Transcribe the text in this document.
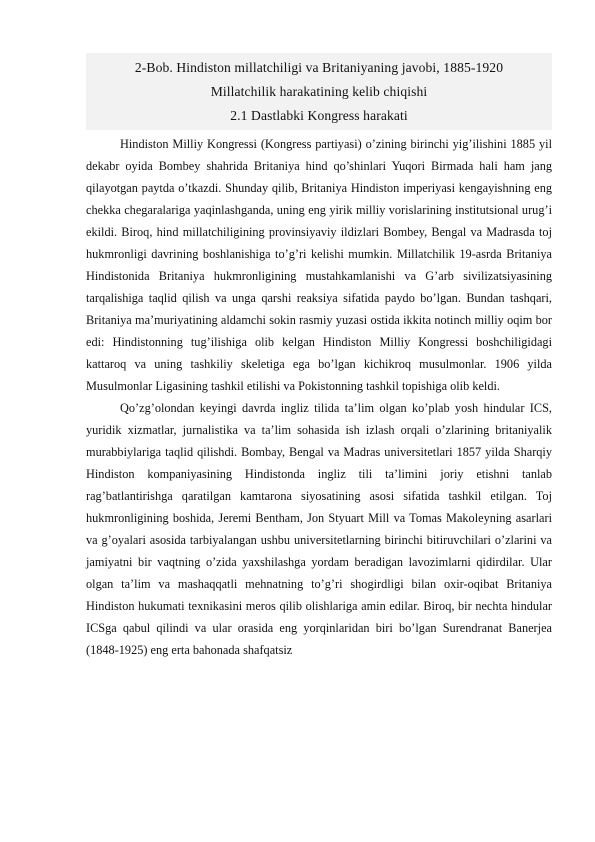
2-Bob. Hindiston millatchiligi va Britaniyaning javobi, 1885-1920
Millatchilik harakatining kelib chiqishi
2.1 Dastlabki Kongress harakati

Hindiston Milliy Kongressi (Kongress partiyasi) o’zining birinchi yig’ilishini 1885 yil dekabr oyida Bombey shahrida Britaniya hind qo’shinlari Yuqori Birmada hali ham jang qilayotgan paytda o’tkazdi. Shunday qilib, Britaniya Hindiston imperiyasi kengayishning eng chekka chegaralariga yaqinlashganda, uning eng yirik milliy vorislarining institutsional urug’i ekildi. Biroq, hind millatchiligining provinsiyaviy ildizlari Bombey, Bengal va Madrasda toj hukmronligi davrining boshlanishiga to’g’ri kelishi mumkin. Millatchilik 19-asrda Britaniya Hindistonida Britaniya hukmronligining mustahkamlanishi va G’arb sivilizatsiyasining tarqalishiga taqlid qilish va unga qarshi reaksiya sifatida paydo bo’lgan. Bundan tashqari, Britaniya ma’muriyatining aldamchi sokin rasmiy yuzasi ostida ikkita notinch milliy oqim bor edi: Hindistonning tug’ilishiga olib kelgan Hindiston Milliy Kongressi boshchiligidagi kattaroq va uning tashkiliy skeletiga ega bo’lgan kichikroq musulmonlar. 1906 yilda Musulmonlar Ligasining tashkil etilishi va Pokistonning tashkil topishiga olib keldi.

Qo’zg’olondan keyingi davrda ingliz tilida ta’lim olgan ko’plab yosh hindular ICS, yuridik xizmatlar, jurnalistika va ta’lim sohasida ish izlash orqali o’zlarining britaniyalik murabbiylariga taqlid qilishdi. Bombay, Bengal va Madras universitetlari 1857 yilda Sharqiy Hindiston kompaniyasining Hindistonda ingliz tili ta’limini joriy etishni tanlab rag’batlantirishga qaratilgan kamtarona siyosatining asosi sifatida tashkil etilgan. Toj hukmronligining boshida, Jeremi Bentham, Jon Styuart Mill va Tomas Makoleyning asarlari va g’oyalari asosida tarbiyalangan ushbu universitetlarning birinchi bitiruvchilari o’zlarini va jamiyatni bir vaqtning o’zida yaxshilashga yordam beradigan lavozimlarni qidirdilar. Ular olgan ta’lim va mashaqqatli mehnatning to’g’ri shogirdligi bilan oxir-oqibat Britaniya Hindiston hukumati texnikasini meros qilib olishlariga amin edilar. Biroq, bir nechta hindular ICSga qabul qilindi va ular orasida eng yorqinlaridan biri bo’lgan Surendranat Banerjea (1848-1925) eng erta bahonada shafqatsiz
